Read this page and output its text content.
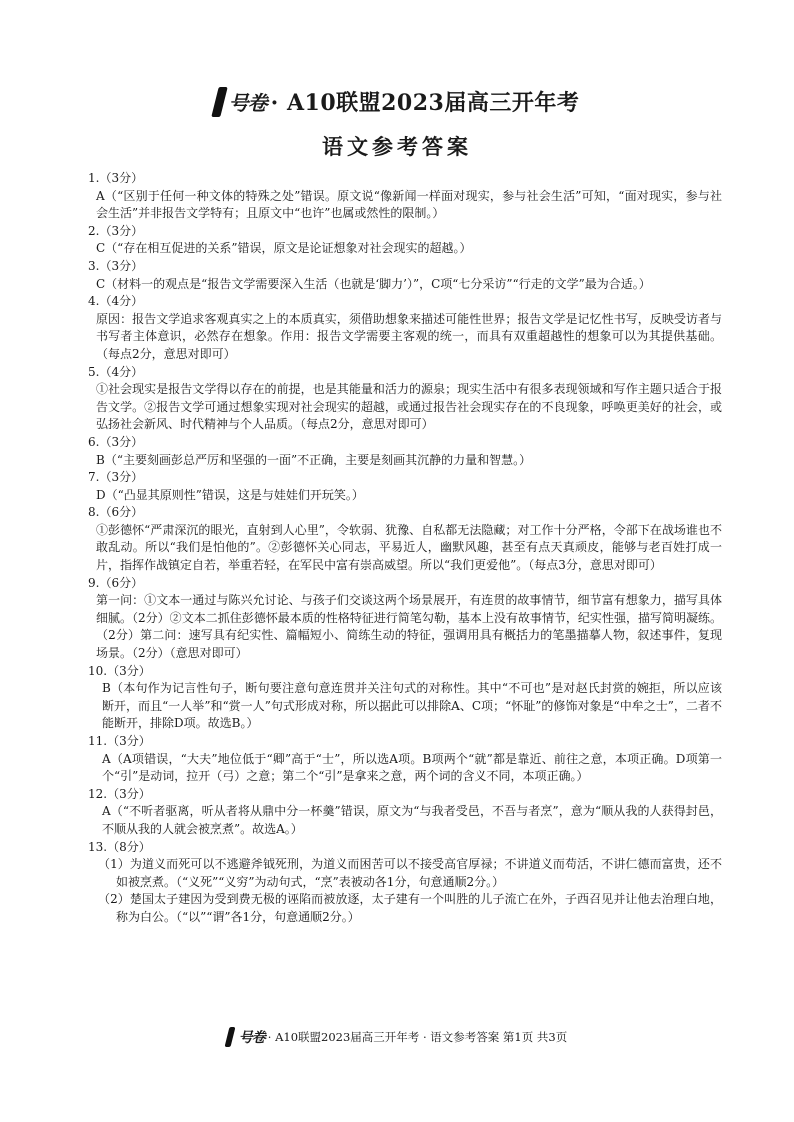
号卷 · A10联盟2023届高三开年考
语文参考答案

1.（3分）

A（“区别于任何一种文体的特殊之处”错误。原文说“像新闻一样面对现实，参与社会生活”可知，“面对现实，参与社会生活”并非报告文学特有；且原文中“也许”也属或然性的限制。）

2.（3分）

C（“存在相互促进的关系”错误，原文是论证想象对社会现实的超越。）

3.（3分）

C（材料一的观点是“报告文学需要深入生活（也就是‘脚力’）”，C项“七分采访”“行走的文学”最为合适。）

4.（4分）

原因：报告文学追求客观真实之上的本质真实，须借助想象来描述可能性世界；报告文学是记忆性书写，反映受访者与书写者主体意识，必然存在想象。作用：报告文学需要主客观的统一，而具有双重超越性的想象可以为其提供基础。（每点2分，意思对即可）

5.（4分）

①社会现实是报告文学得以存在的前提，也是其能量和活力的源泉；现实生活中有很多表现领域和写作主题只适合于报告文学。②报告文学可通过想象实现对社会现实的超越，或通过报告社会现实存在的不良现象，呼唤更美好的社会，或弘扬社会新风、时代精神与个人品质。（每点2分，意思对即可）

6.（3分）

B（“主要刻画彭总严厉和坚强的一面”不正确，主要是刻画其沉静的力量和智慧。）

7.（3分）

D（“凸显其原则性”错误，这是与娃娃们开玩笑。）

8.（6分）

①彭德怀“严肃深沉的眼光，直射到人心里”，令软弱、犹豫、自私都无法隐藏；对工作十分严格，令部下在战场谁也不敢乱动。所以“我们是怕他的”。②彭德怀关心同志，平易近人，幽默风趣，甚至有点天真顽皮，能够与老百姓打成一片，指挥作战镇定自若，举重若轻，在军民中富有崇高威望。所以“我们更爱他”。（每点3分，意思对即可）

9.（6分）

第一问：①文本一通过与陈兴允讨论、与孩子们交谈这两个场景展开，有连贯的故事情节，细节富有想象力，描写具体细腻。（2分）②文本二抓住彭德怀最本质的性格特征进行简笔勾勒，基本上没有故事情节，纪实性强，描写简明凝练。（2分）第二问：速写具有纪实性、篇幅短小、简练生动的特征，强调用具有概括力的笔墨描摹人物，叙述事件，复现场景。（2分）（意思对即可）

10.（3分）

B（本句作为记言性句子，断句要注意句意连贯并关注句式的对称性。其中“不可也”是对赵氏封赏的婉拒，所以应该断开，而且“一人举”和“赏一人”句式形成对称，所以据此可以排除A、C项；“怀耻”的修饰对象是“中牟之士”，二者不能断开，排除D项。故选B。）

11.（3分）

A（A项错误，“大夫”地位低于“卿”高于“士”，所以选A项。B项两个“就”都是靠近、前往之意，本项正确。D项第一个“引”是动词，拉开（弓）之意；第二个“引”是拿来之意，两个词的含义不同，本项正确。）

12.（3分）

A（“不听者驱离，听从者将从鼎中分一杯羹”错误，原文为“与我者受邑，不吾与者烹”，意为“顺从我的人获得封邑，不顺从我的人就会被烹煮”。故选A。）

13.（8分）

（1）为道义而死可以不逃避斧钺死刑，为道义而困苦可以不接受高官厚禄；不讲道义而苟活，不讲仁德而富贵，还不如被烹煮。（“义死”“义穷”为动句式，“烹”表被动各1分，句意通顺2分。）

（2）楚国太子建因为受到费无极的诬陷而被放逐，太子建有一个叫胜的儿子流亡在外，子西召见并让他去治理白地，称为白公。（“以”“谓”各1分，句意通顺2分。）

号卷 · A10联盟2023届高三开年考 · 语文参考答案 第1页 共3页
